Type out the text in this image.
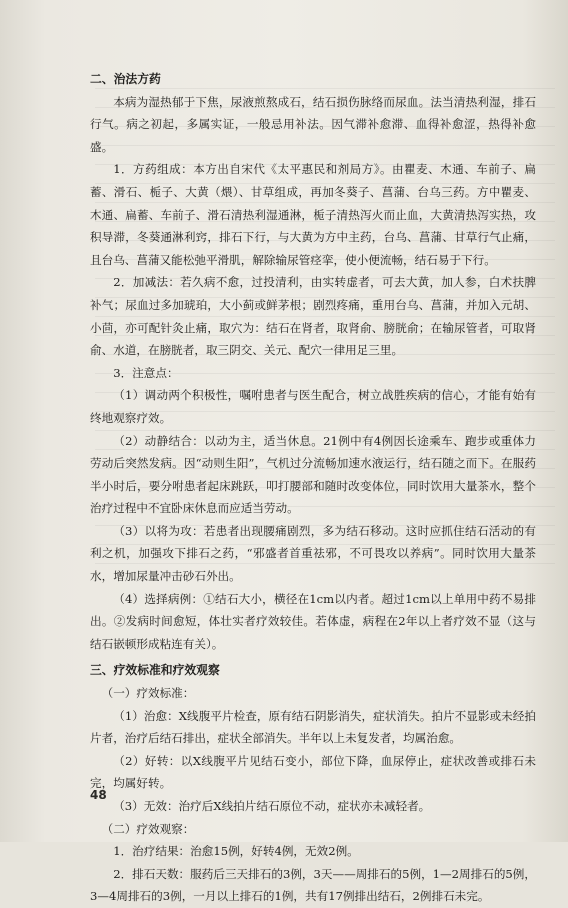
二、治法方药

本病为湿热郁于下焦，尿液煎熬成石，结石损伤脉络而尿血。法当清热利湿，排石行气。病之初起，多属实证，一般忌用补法。因气滞补愈滞、血得补愈涩，热得补愈盛。

1．方药组成：本方出自宋代《太平惠民和剂局方》。由瞿麦、木通、车前子、扁蓄、滑石、栀子、大黄（煨）、甘草组成，再加冬葵子、菖蒲、台乌三药。方中瞿麦、木通、扁蓄、车前子、滑石清热利湿通淋，栀子清热泻火而止血，大黄清热泻实热，攻积导滞，冬葵通淋利窍，排石下行，与大黄为方中主药，台乌、菖蒲、甘草行气止痛，且台乌、菖蒲又能松弛平滑肌，解除输尿管痉挛，使小便流畅，结石易于下行。

2．加减法：若久病不愈，过投清利，由实转虚者，可去大黄，加人参，白术扶脾补气；尿血过多加琥珀，大小蓟或鲜茅根；剧烈疼痛，重用台乌、菖蒲，并加入元胡、小茴，亦可配针灸止痛，取穴为：结石在肾者，取肾俞、膀胱俞；在输尿管者，可取肾俞、水道，在膀胱者，取三阴交、关元、配穴一律用足三里。

3．注意点：

（1）调动两个积极性，嘱咐患者与医生配合，树立战胜疾病的信心，才能有始有终地观察疗效。

（2）动静结合：以动为主，适当休息。21例中有4例因长途乘车、跑步或重体力劳动后突然发病。因“动则生阳”，气机过分流畅加速水液运行，结石随之而下。在服药半小时后，要分咐患者起床跳跃，叩打腰部和随时改变体位，同时饮用大量茶水，整个治疗过程中不宜卧床休息而应适当劳动。

（3）以将为攻：若患者出现腰痛剧烈，多为结石移动。这时应抓住结石活动的有利之机，加强攻下排石之药，“邪盛者首重祛邪，不可畏攻以养病”。同时饮用大量茶水，增加尿量冲击砂石外出。

（4）选择病例：①结石大小，横径在1cm以内者。超过1cm以上单用中药不易排出。②发病时间愈短，体壮实者疗效较佳。若体虚，病程在2年以上者疗效不显（这与结石嵌顿形成粘连有关）。

三、疗效标准和疗效观察

（一）疗效标准：

（1）治愈：X线腹平片检查，原有结石阴影消失，症状消失。拍片不显影或未经拍片者，治疗后结石排出，症状全部消失。半年以上未复发者，均属治愈。

（2）好转：以X线腹平片见结石变小，部位下降，血尿停止，症状改善或排石未完，均属好转。

（3）无效：治疗后X线拍片结石原位不动，症状亦未减轻者。

（二）疗效观察：

1．治疗结果：治愈15例，好转4例，无效2例。

2．排石天数：服药后三天排石的3例，3天——周排石的5例，1—2周排石的5例，3—4周排石的3例，一月以上排石的1例，共有17例排出结石，2例排石未完。

48
